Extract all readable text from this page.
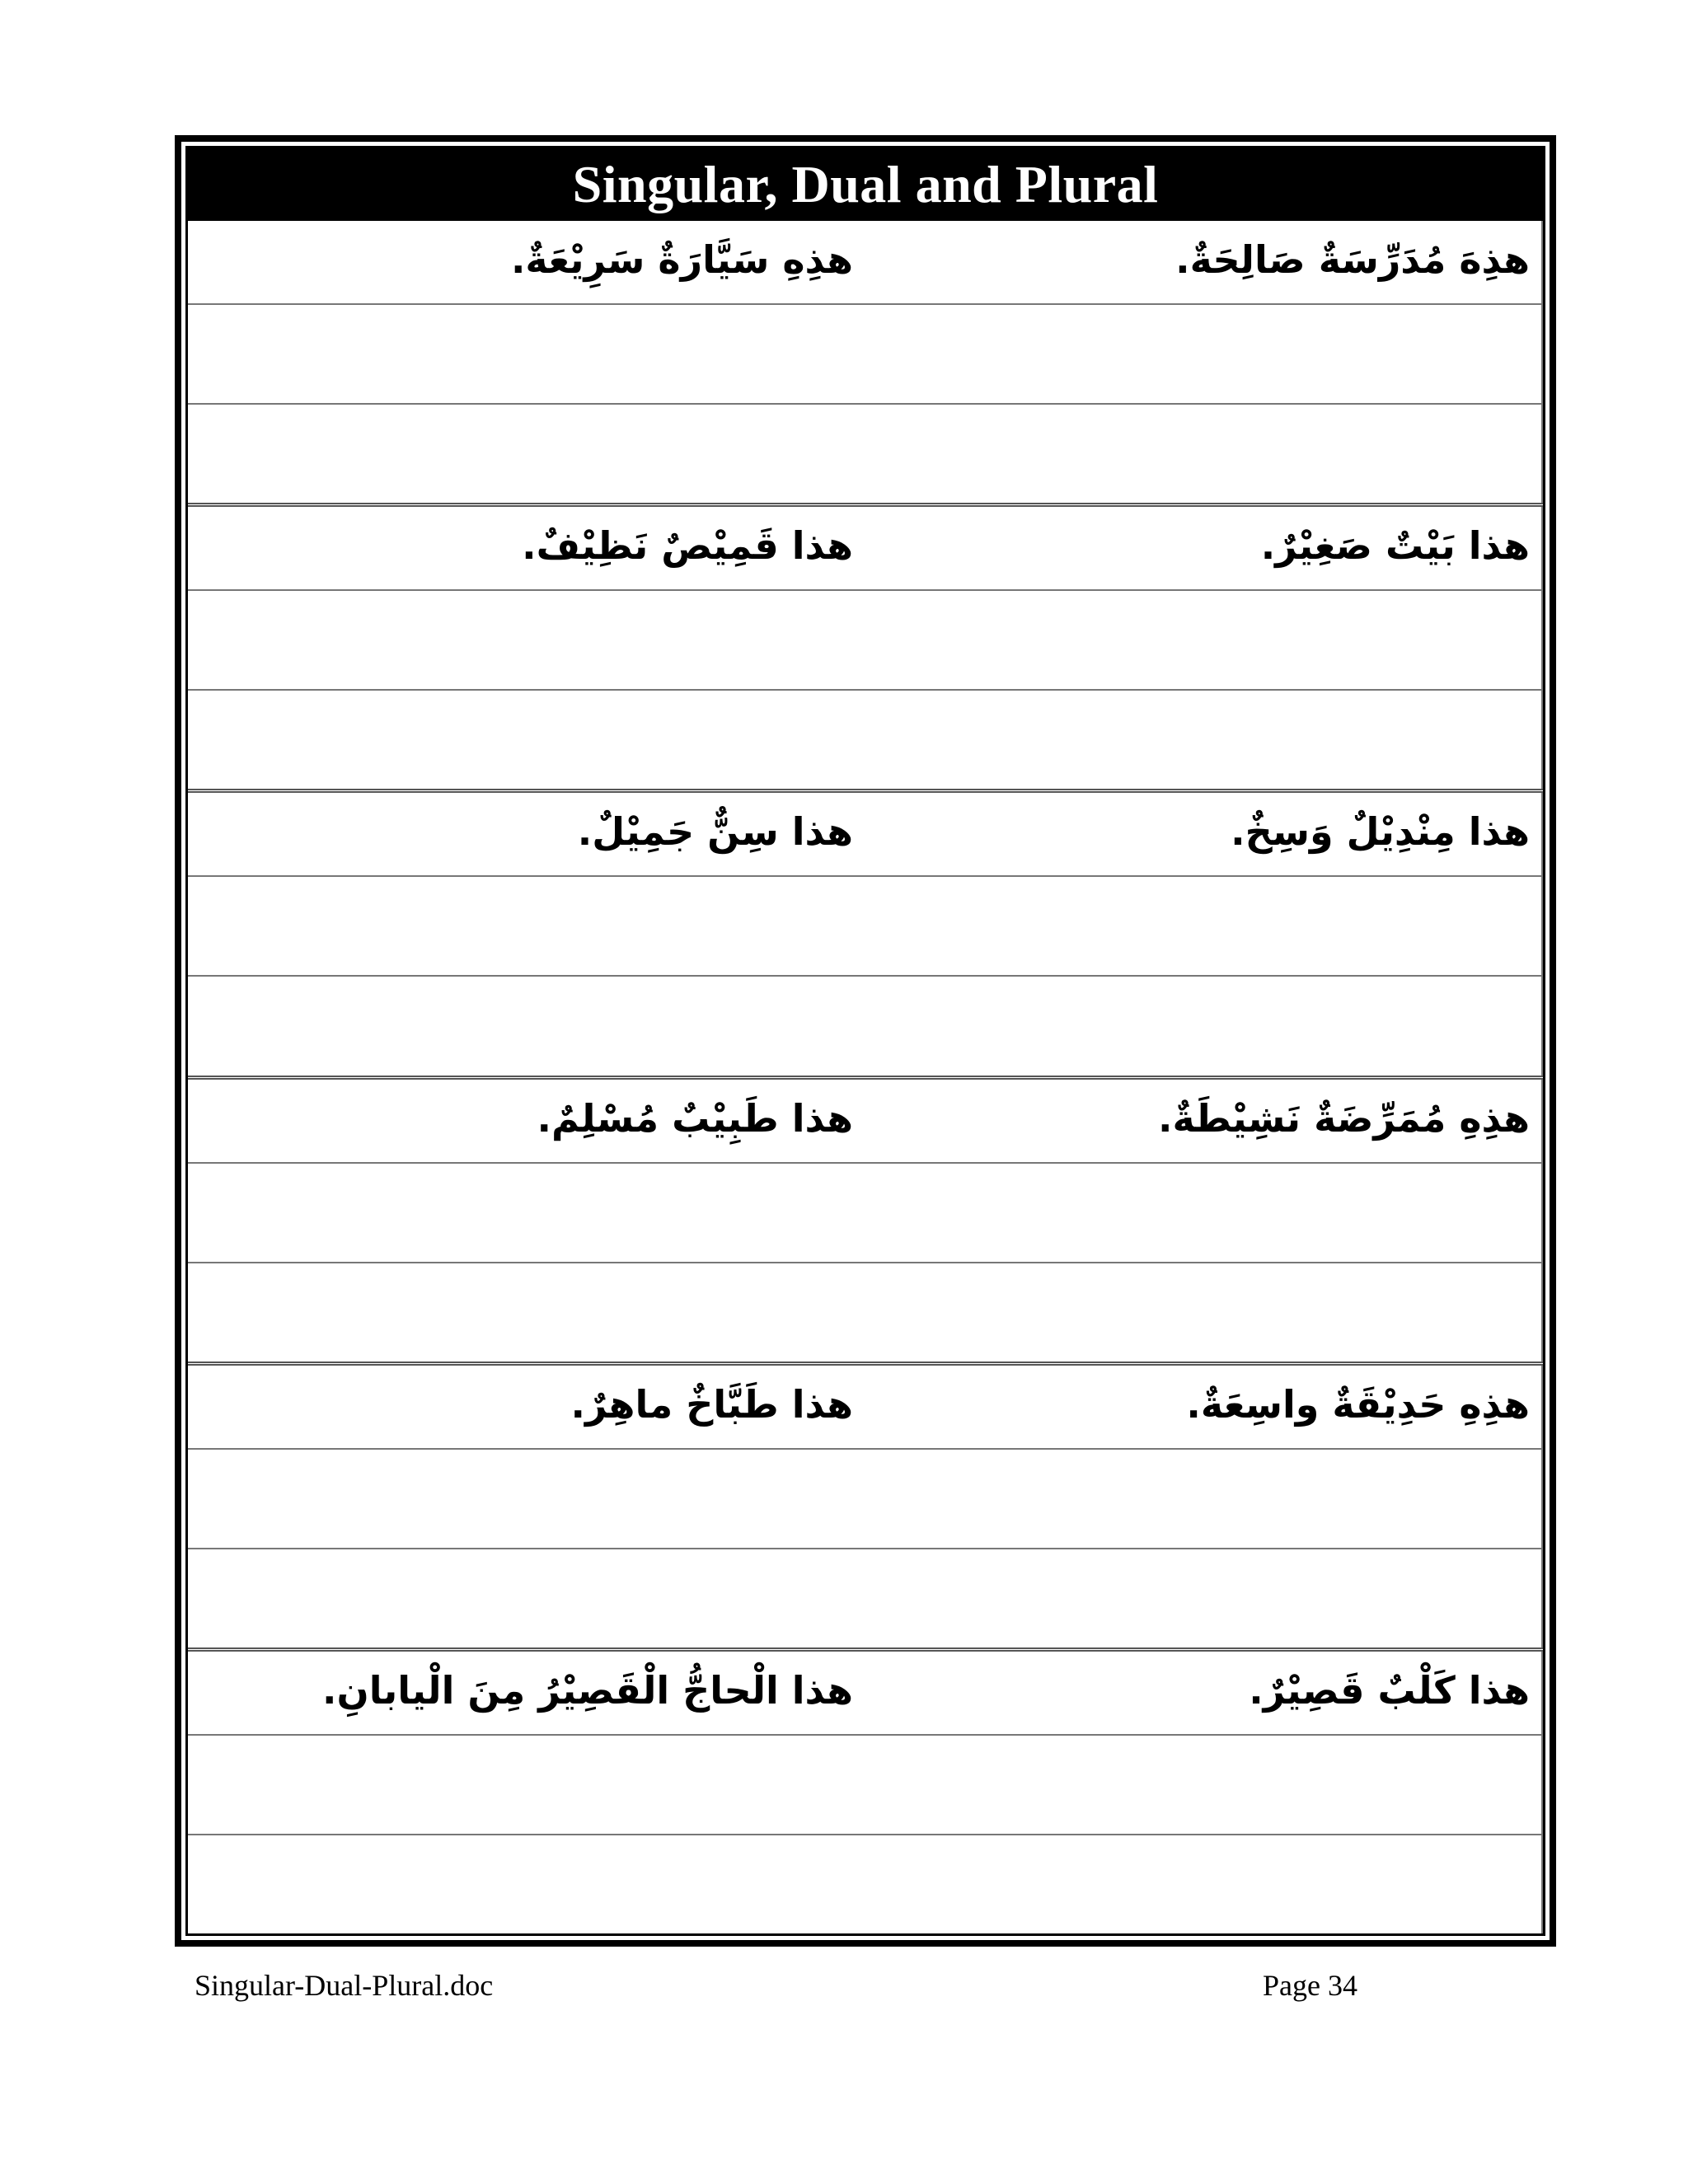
Singular, Dual and Plural
هذِهِ سَيَّارَةٌ سَرِيْعَةٌ.	هذِهَ مُدَرِّسَةٌ صَالِحَةٌ.
هذا قَمِيْصٌ نَظِيْفٌ.	هذا بَيْتٌ صَغِيْرٌ.
هذا سِنٌّ جَمِيْلٌ.	هذا مِنْدِيْلٌ وَسِخٌ.
هذا طَبِيْبٌ مُسْلِمٌ.	هذِهِ مُمَرِّضَةٌ نَشِيْطَةٌ.
هذا طَبَّاخٌ ماهِرٌ.	هذِهِ حَدِيْقَةٌ واسِعَةٌ.
هذا الْحاجُّ الْقَصِيْرُ مِنَ الْيابانِ.	هذا كَلْبٌ قَصِيْرٌ.
Singular-Dual-Plural.doc	Page 34
